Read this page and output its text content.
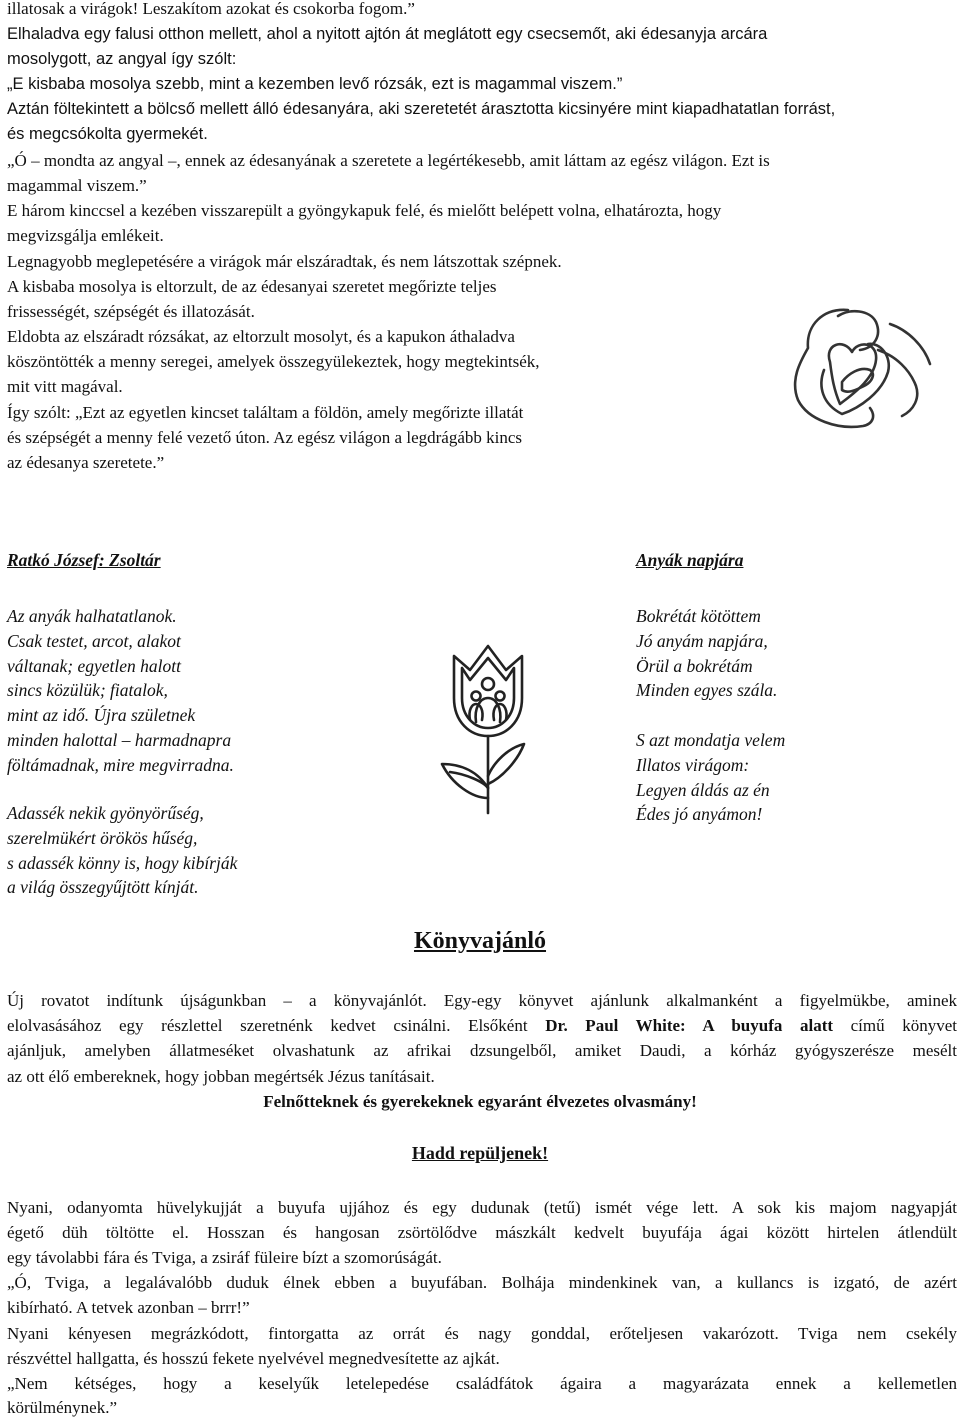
illatosak a virágok! Leszakítom azokat és csokorba fogom.”

Elhaladva egy falusi otthon mellett, ahol a nyitott ajtón át meglátott egy csecsemőt, aki édesanyja arcára

mosolygott, az angyal így szólt:

„E kisbaba mosolya szebb, mint a kezemben levő rózsák, ezt is magammal viszem.”

Aztán föltekintett a bölcső mellett álló édesanyára, aki szeretetét árasztotta kicsinyére mint kiapadhatatlan forrást,

és megcsókolta gyermekét.

„Ó – mondta az angyal –, ennek az édesanyának a szeretete a legértékesebb, amit láttam az egész világon. Ezt is

magammal viszem.”

E három kinccsel a kezében visszarepült a gyöngykapuk felé, és mielőtt belépett volna, elhatározta, hogy

megvizsgálja emlékeit.

Legnagyobb meglepetésére a virágok már elszáradtak, és nem látszottak szépnek.

A kisbaba mosolya is eltorzult, de az édesanyai szeretet megőrizte teljes

frissességét, szépségét és illatozását.

Eldobta az elszáradt rózsákat, az eltorzult mosolyt, és a kapukon áthaladva

köszöntötték a menny seregei, amelyek összegyülekeztek, hogy megtekintsék,

mit vitt magával.

Így szólt: „Ezt az egyetlen kincset találtam a földön, amely megőrizte illatát

és szépségét a menny felé vezető úton. Az egész világon a legdrágább kincs

az édesanya szeretete.”

Ratkó József: Zsoltár
Az anyák halhatatlanok.
Csak testet, arcot, alakot
váltanak; egyetlen halott
sincs közülük; fiatalok,
mint az idő. Újra születnek
minden halottal – harmadnapra
föltámadnak, mire megvirradna.
Adassék nekik gyönyörűség,
szerelmükért örökös hűség,
s adassék könny is, hogy kibírják
a világ összegyűjtött kínját.
Anyák napjára
Bokrétát kötöttem
Jó anyám napjára,
Örül a bokrétám
Minden egyes szála.
S azt mondatja velem
Illatos virágom:
Legyen áldás az én
Édes jó anyámon!
Könyvajánló

Új rovatot indítunk újságunkban – a könyvajánlót. Egy-egy könyvet ajánlunk alkalmanként a figyelmükbe, aminek

elolvasásához egy részlettel szeretnénk kedvet csinálni. Elsőként Dr. Paul White: A buyufa alatt című könyvet

ajánljuk, amelyben állatmeséket olvashatunk az afrikai dzsungelből, amiket Daudi, a kórház gyógyszerésze mesélt

az ott élő embereknek, hogy jobban megértsék Jézus tanításait.

Felnőtteknek és gyerekeknek egyaránt élvezetes olvasmány!
Hadd repüljenek!

Nyani, odanyomta hüvelykujját a buyufa ujjához és egy dudunak (tetű) ismét vége lett. A sok kis majom nagyapját

égető düh töltötte el. Hosszan és hangosan zsörtölődve mászkált kedvelt buyufája ágai között hirtelen átlendült

egy távolabbi fára és Tviga, a zsiráf füleire bízt a szomorúságát.

„Ó, Tviga, a legalávalóbb duduk élnek ebben a buyufában. Bolhája mindenkinek van, a kullancs is izgató, de azért

kibírható. A tetvek azonban – brrr!”

Nyani kényesen megrázkódott, fintorgatta az orrát és nagy gonddal, erőteljesen vakarózott. Tviga nem csekély

részvéttel hallgatta, és hosszú fekete nyelvével megnedvesítette az ajkát.

„Nem kétséges, hogy a keselyűk letelepedése családfátok ágaira a magyarázata ennek a kellemetlen

körülménynek.”
